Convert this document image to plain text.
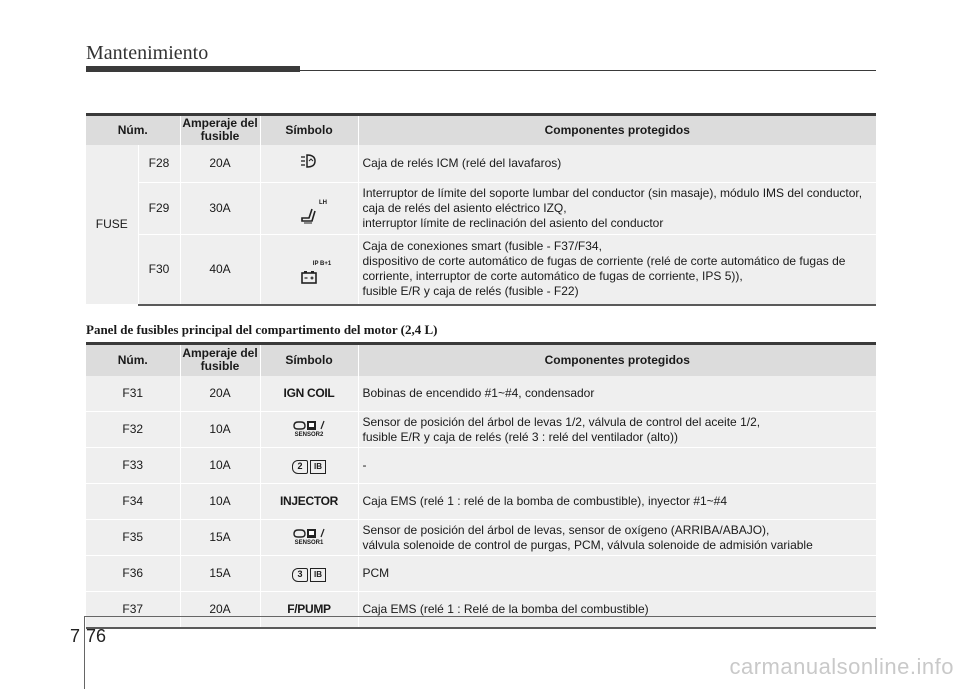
Mantenimiento
Núm.		Amperaje del fusible	Símbolo	Componentes protegidos
FUSE	F28	20A		Caja de relés ICM (relé del lavafaros)

	F29	30A	LH	Interruptor de límite del soporte lumbar del conductor (sin masaje), módulo IMS del conductor,
caja de relés del asiento eléctrico IZQ,
interruptor límite de reclinación del asiento del conductor

	F30	40A	IP B+1	Caja de conexiones smart (fusible - F37/F34,
dispositivo de corte automático de fugas de corriente (relé de corte automático de fugas de
corriente, interruptor de corte automático de fugas de corriente, IPS 5)),
fusible E/R y caja de relés (fusible - F22)
Panel de fusibles principal del compartimento del motor (2,4 L)
Núm.	Amperaje del fusible	Símbolo	Componentes protegidos
F31	20A	IGN COIL	Bobinas de encendido #1~#4, condensador

F32	10A	SENSOR2	Sensor de posición del árbol de levas 1/2, válvula de control del aceite 1/2,
fusible E/R y caja de relés (relé 3 : relé del ventilador (alto))

F33	10A	2 IB	-

F34	10A	INJECTOR	Caja EMS (relé 1 : relé de la bomba de combustible), inyector #1~#4

F35	15A	SENSOR1	Sensor de posición del árbol de levas, sensor de oxígeno (ARRIBA/ABAJO),
válvula solenoide de control de purgas, PCM, válvula solenoide de admisión variable

F36	15A	3 IB	PCM

F37	20A	F/PUMP	Caja EMS (relé 1 : Relé de la bomba del combustible)
7 76
carmanualsonline.info
